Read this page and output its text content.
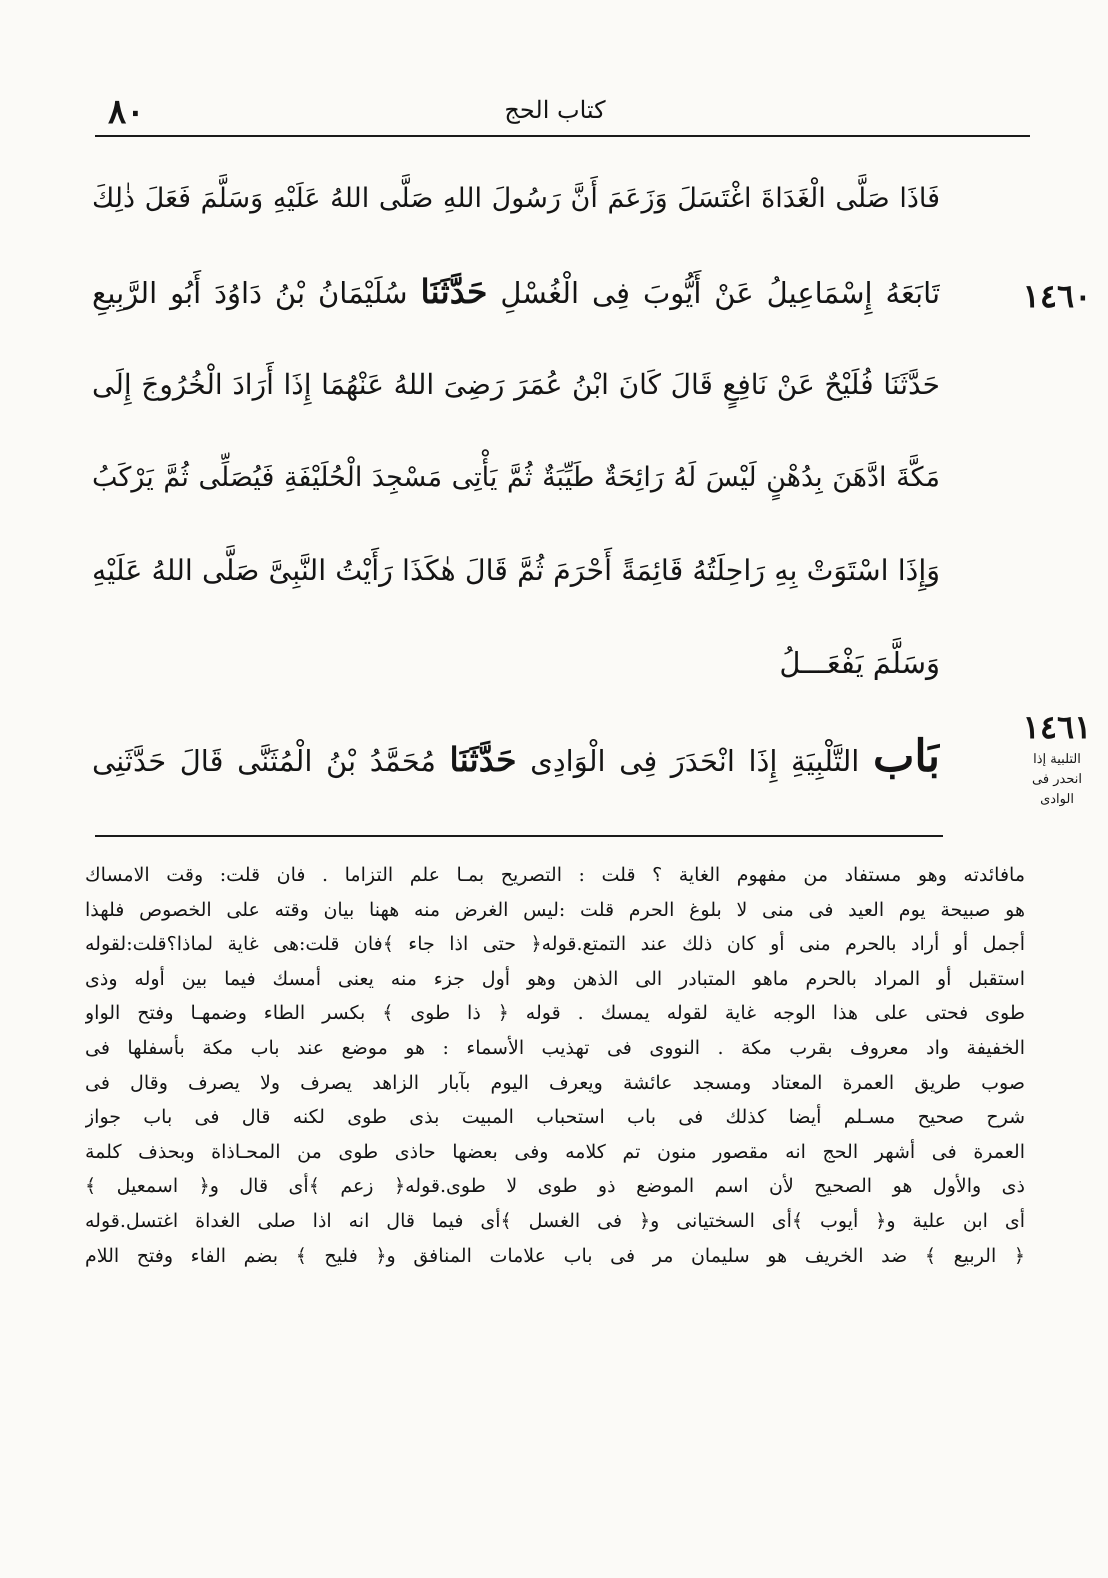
٨٠	كتاب الحج
١٤٦٠
١٤٦١
التلبية إذا
انحدر فى
الوادى
فَاذَا صَلَّى الْغَدَاةَ اغْتَسَلَ وَزَعَمَ أَنَّ رَسُولَ اللهِ صَلَّى اللهُ عَلَيْهِ وَسَلَّمَ فَعَلَ ذٰلِكَ
تَابَعَهُ إِسْمَاعِيلُ عَنْ أَيُّوبَ فِى الْغُسْلِ حَدَّثَنَا سُلَيْمَانُ بْنُ دَاوُدَ أَبُو الرَّبِيعِ
حَدَّثَنَا فُلَيْحٌ عَنْ نَافِعٍ قَالَ كَانَ ابْنُ عُمَرَ رَضِىَ اللهُ عَنْهُمَا إِذَا أَرَادَ الْخُرُوجَ إِلَى
مَكَّةَ ادَّهَنَ بِدُهْنٍ لَيْسَ لَهُ رَائِحَةٌ طَيِّبَةٌ ثُمَّ يَأْتِى مَسْجِدَ الْحُلَيْفَةِ فَيُصَلِّى ثُمَّ يَرْكَبُ
وَإِذَا اسْتَوَتْ بِهِ رَاحِلَتُهُ قَائِمَةً أَحْرَمَ ثُمَّ قَالَ هٰكَذَا رَأَيْتُ النَّبِىَّ صَلَّى اللهُ عَلَيْهِ
وَسَلَّمَ يَفْعَـــلُ
بَاب التَّلْبِيَةِ إِذَا انْحَدَرَ فِى الْوَادِى حَدَّثَنَا مُحَمَّدُ بْنُ الْمُثَنَّى قَالَ حَدَّثَنِى
مافائدته وهو مستفاد من مفهوم الغاية ؟ قلت : التصريح بمـا علم التزاما . فان قلت: وقت الامساك
هو صبيحة يوم العيد فى منى لا بلوغ الحرم قلت :ليس الغرض منه ههنا بيان وقته على الخصوص فلهذا
أجمل أو أراد بالحرم منى أو كان ذلك عند التمتع.قوله﴿ حتى اذا جاء ﴾فان قلت:هى غاية لماذا؟قلت:لقوله
استقبل أو المراد بالحرم ماهو المتبادر الى الذهن وهو أول جزء منه يعنى أمسك فيما بين أوله وذى
طوى فحتى على هذا الوجه غاية لقوله يمسك . قوله ﴿ ذا طوى ﴾ بكسر الطاء وضمهـا وفتح الواو
الخفيفة واد معروف بقرب مكة . النووى فى تهذيب الأسماء : هو موضع عند باب مكة بأسفلها فى
صوب طريق العمرة المعتاد ومسجد عائشة ويعرف اليوم بآبار الزاهد يصرف ولا يصرف وقال فى
شرح صحيح مسـلم أيضا كذلك فى باب استحباب المبيت بذى طوى لكنه قال فى باب جواز
العمرة فى أشهر الحج انه مقصور منون تم كلامه وفى بعضها حاذى طوى من المحـاذاة وبحذف كلمة
ذى والأول هو الصحيح لأن اسم الموضع ذو طوى لا طوى.قوله﴿ زعم ﴾أى قال و﴿ اسمعيل ﴾
أى ابن علية و﴿ أيوب ﴾أى السختيانى و﴿ فى الغسل ﴾أى فيما قال انه اذا صلى الغداة اغتسل.قوله
﴿ الربيع ﴾ ضد الخريف هو سليمان مر فى باب علامات المنافق و﴿ فليح ﴾ بضم الفاء وفتح اللام
